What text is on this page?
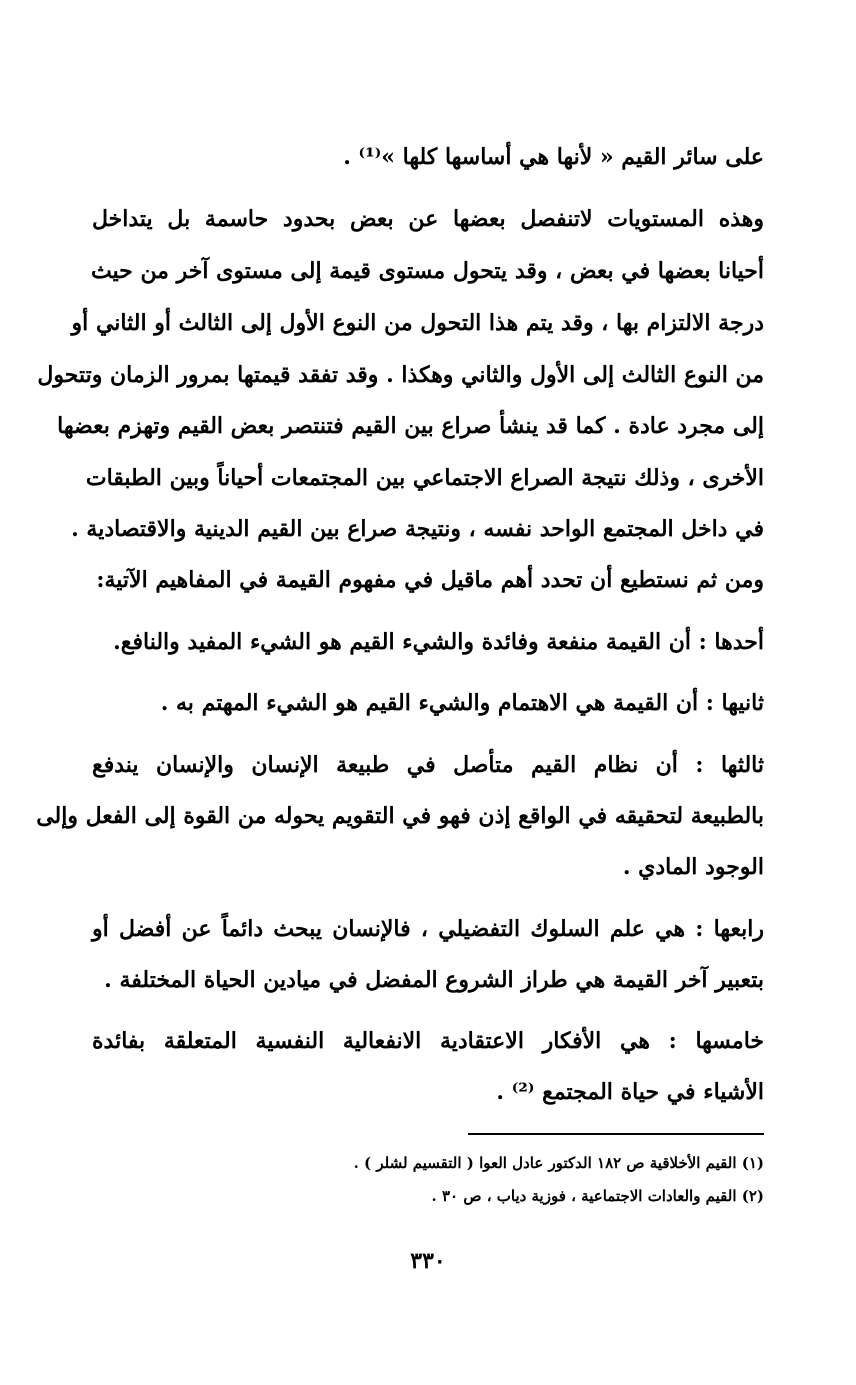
على سائر القيم « لأنها هي أساسها كلها »⁽¹⁾ .
وهذه المستويات لاتنفصل بعضها عن بعض بحدود حاسمة بل يتداخل
أحيانا بعضها في بعض ، وقد يتحول مستوى قيمة إلى مستوى آخر من حيث
درجة الالتزام بها ، وقد يتم هذا التحول من النوع الأول إلى الثالث أو الثاني أو
من النوع الثالث إلى الأول والثاني وهكذا . وقد تفقد قيمتها بمرور الزمان وتتحول
إلى مجرد عادة . كما قد ينشأ صراع بين القيم فتنتصر بعض القيم وتهزم بعضها
الأخرى ، وذلك نتيجة الصراع الاجتماعي بين المجتمعات أحياناً وبين الطبقات
في داخل المجتمع الواحد نفسه ، ونتيجة صراع بين القيم الدينية والاقتصادية .
ومن ثم نستطيع أن تحدد أهم ماقيل في مفهوم القيمة في المفاهيم الآتية:
أحدها : أن القيمة منفعة وفائدة والشيء القيم هو الشيء المفيد والنافع.
ثانيها : أن القيمة هي الاهتمام والشيء القيم هو الشيء المهتم به .
ثالثها : أن نظام القيم متأصل في طبيعة الإنسان والإنسان يندفع
بالطبيعة لتحقيقه في الواقع إذن فهو في التقويم يحوله من القوة إلى الفعل وإلى
الوجود المادي .
رابعها : هي علم السلوك التفضيلي ، فالإنسان يبحث دائماً عن أفضل أو
بتعبير آخر القيمة هي طراز الشروع المفضل في ميادين الحياة المختلفة .
خامسها : هي الأفكار الاعتقادية الانفعالية النفسية المتعلقة بفائدة
الأشياء في حياة المجتمع ⁽²⁾ .
(١) القيم الأخلاقية ص ١٨٢ الدكتور عادل العوا ( التقسيم لشلر ) .
(٢) القيم والعادات الاجتماعية ، فوزية دياب ، ص ٣٠ .
٣٣٠
